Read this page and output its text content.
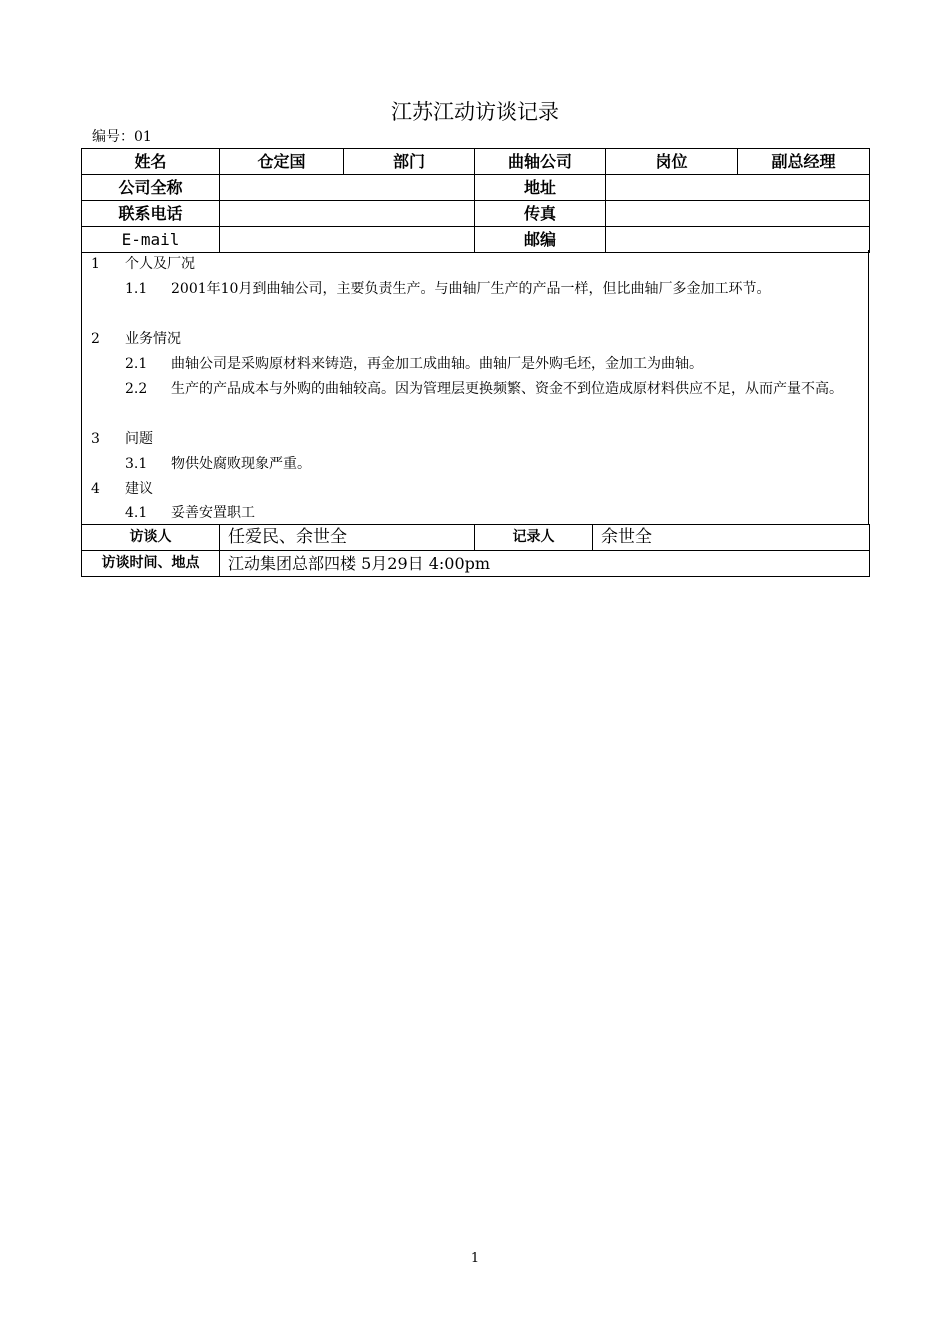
江苏江动访谈记录
编号：01
姓名	仓定国	部门	曲轴公司	岗位	副总经理
公司全称			地址		
联系电话			传真		
E-mail			邮编		
1 个人及厂况
1.1 2001年10月到曲轴公司，主要负责生产。与曲轴厂生产的产品一样，但比曲轴厂多金加工环节。
2 业务情况
2.1 曲轴公司是采购原材料来铸造，再金加工成曲轴。曲轴厂是外购毛坯，金加工为曲轴。
2.2 生产的产品成本与外购的曲轴较高。因为管理层更换频繁、资金不到位造成原材料供应不足，从而产量不高。
3 问题
3.1 物供处腐败现象严重。
4 建议
4.1 妥善安置职工
访谈人	任爱民、余世全	记录人	余世全
访谈时间、地点	江动集团总部四楼 5月29日 4:00pm		
1
